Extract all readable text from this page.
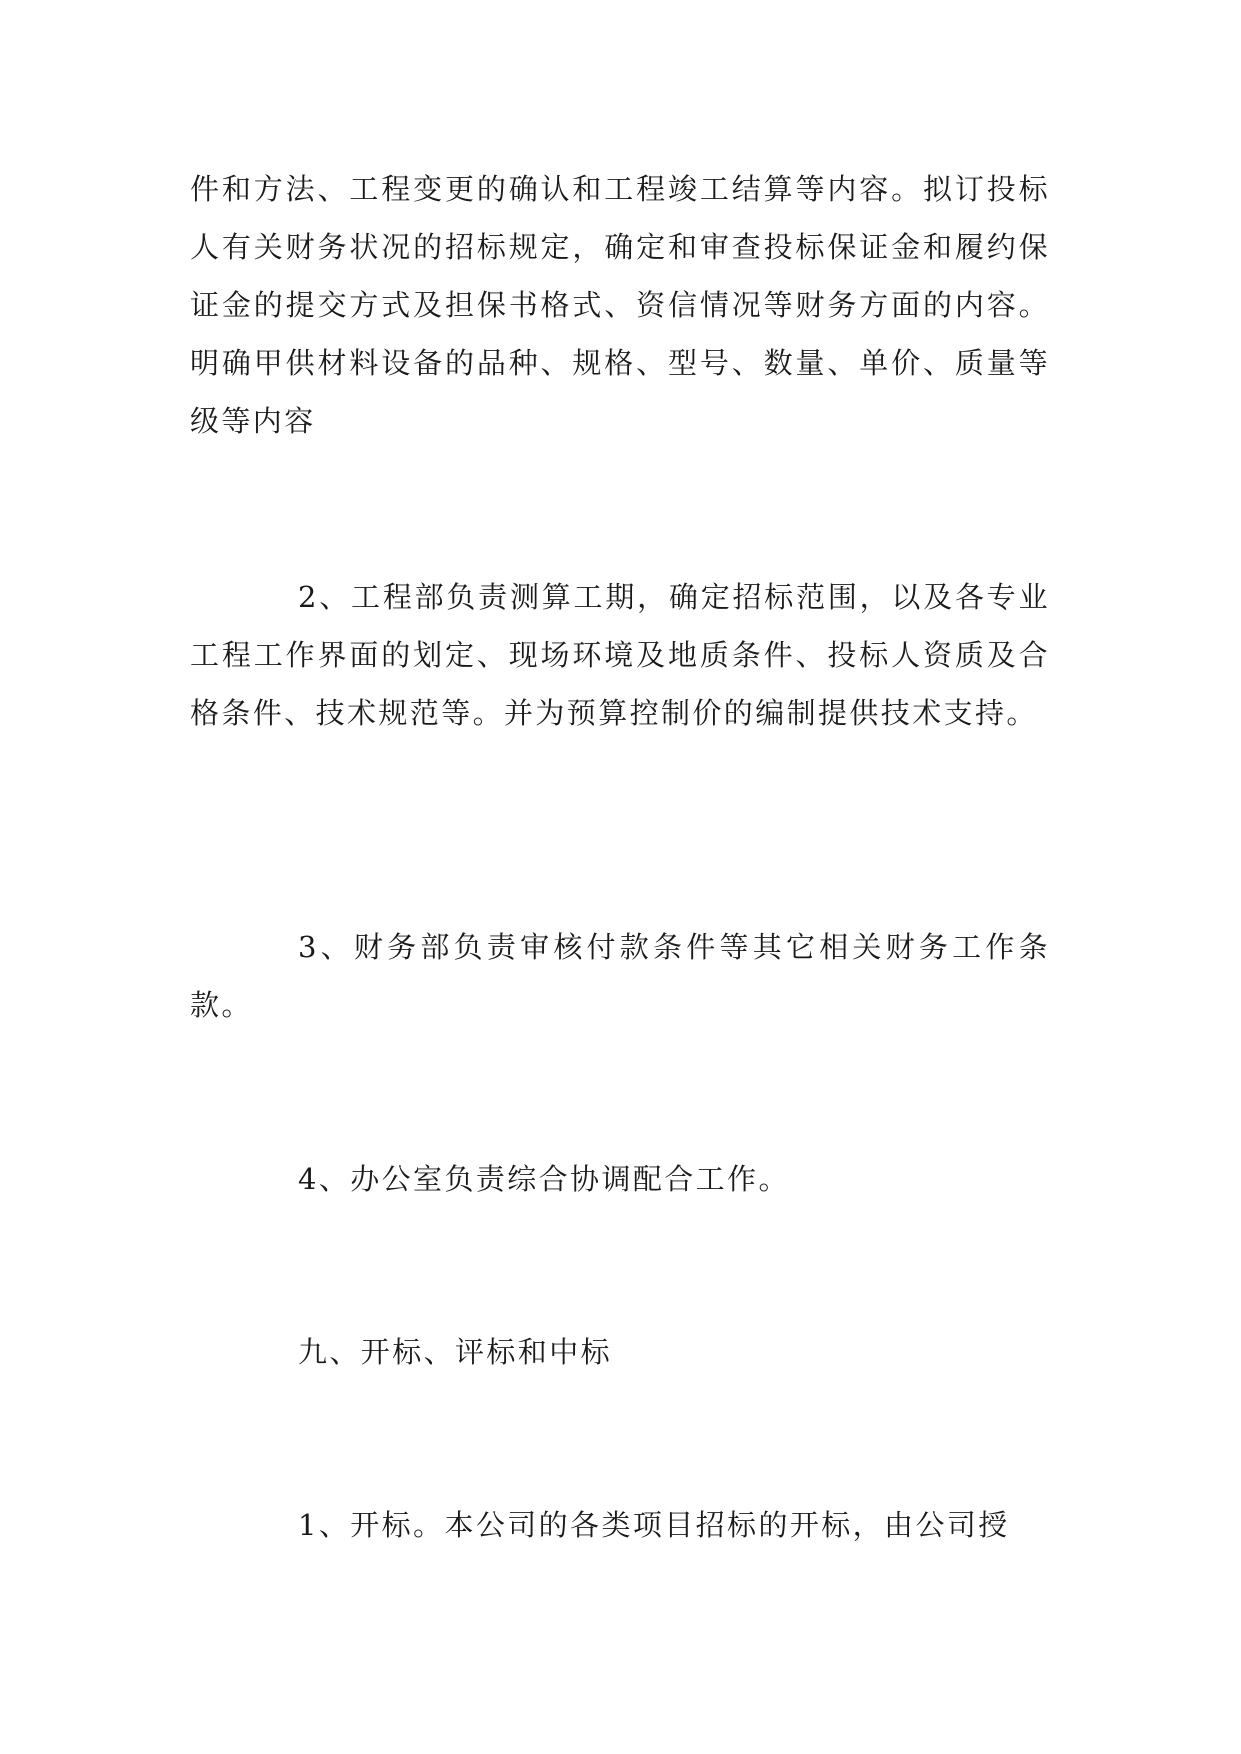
件和方法、工程变更的确认和工程竣工结算等内容。拟订投标人有关财务状况的招标规定，确定和审查投标保证金和履约保证金的提交方式及担保书格式、资信情况等财务方面的内容。明确甲供材料设备的品种、规格、型号、数量、单价、质量等级等内容

2、工程部负责测算工期，确定招标范围，以及各专业工程工作界面的划定、现场环境及地质条件、投标人资质及合格条件、技术规范等。并为预算控制价的编制提供技术支持。

3、财务部负责审核付款条件等其它相关财务工作条款。

4、办公室负责综合协调配合工作。

九、开标、评标和中标

1、开标。本公司的各类项目招标的开标，由公司授
